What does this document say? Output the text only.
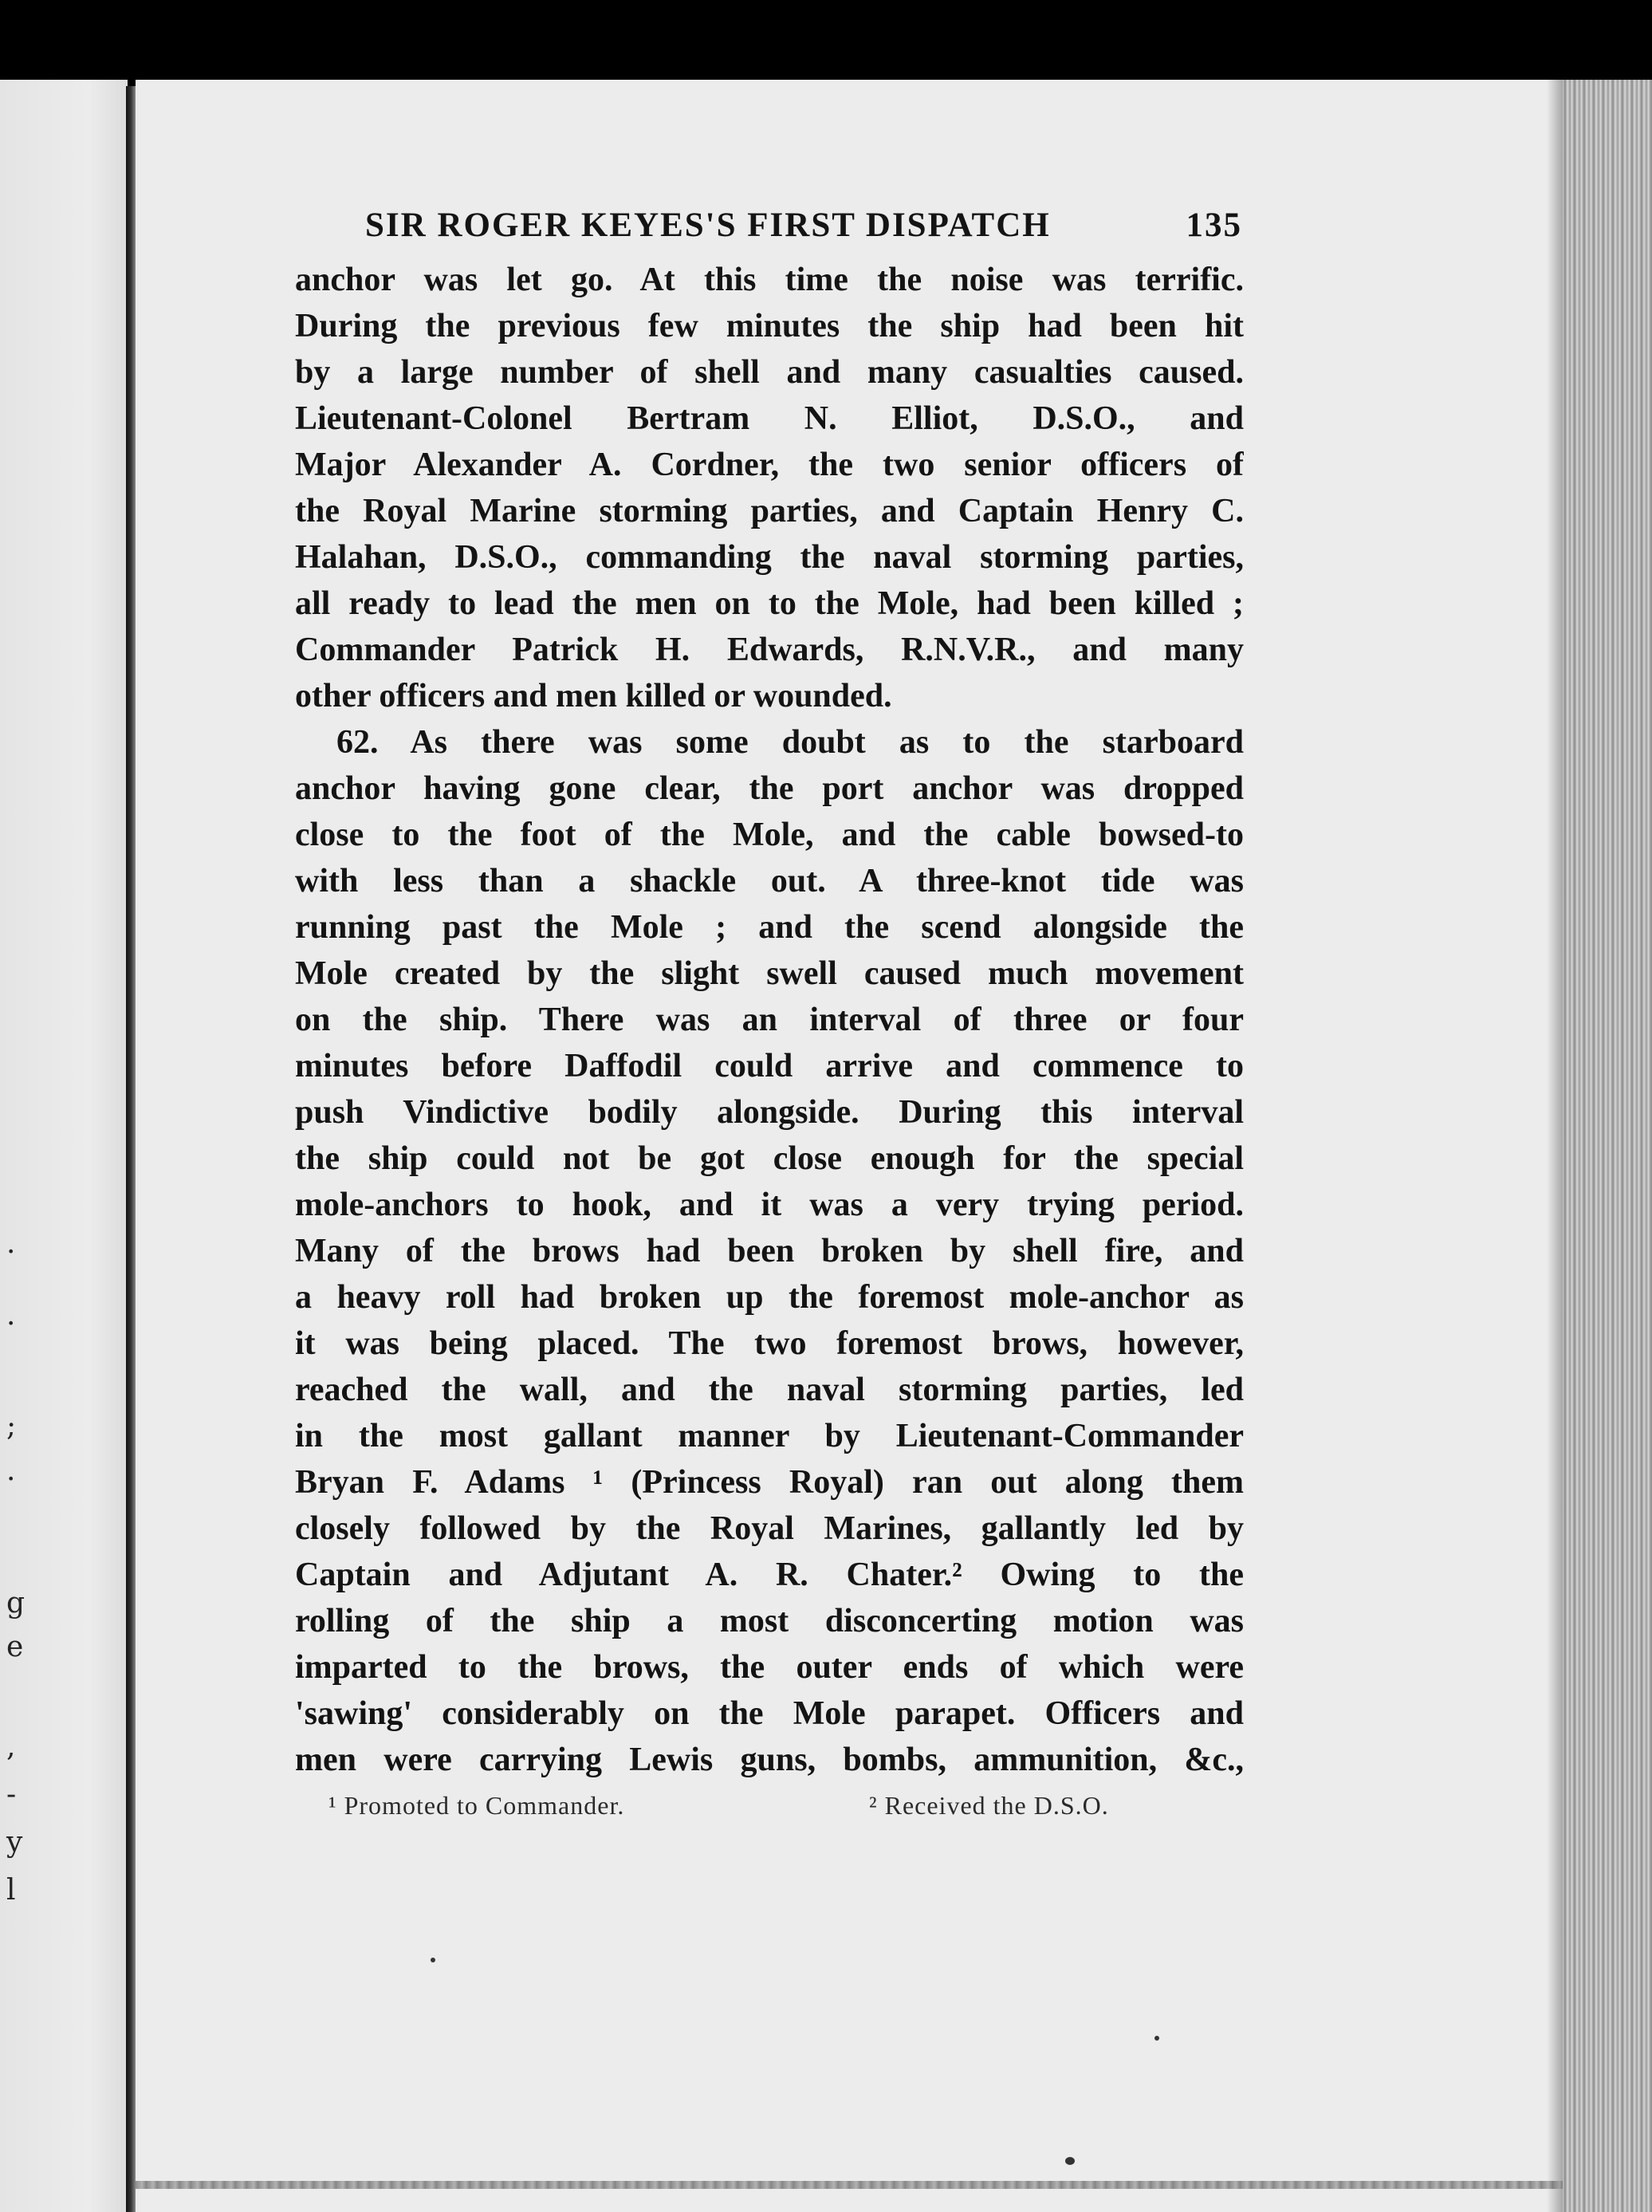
·
·
;
·
g
e
,
-
y
l
SIR ROGER KEYES'S FIRST DISPATCH	135
anchor was let go. At this time the noise was terrific.
During the previous few minutes the ship had been hit
by a large number of shell and many casualties caused.
Lieutenant-Colonel Bertram N. Elliot, D.S.O., and
Major Alexander A. Cordner, the two senior officers of
the Royal Marine storming parties, and Captain Henry C.
Halahan, D.S.O., commanding the naval storming parties,
all ready to lead the men on to the Mole, had been killed ;
Commander Patrick H. Edwards, R.N.V.R., and many
other officers and men killed or wounded.
62. As there was some doubt as to the starboard
anchor having gone clear, the port anchor was dropped
close to the foot of the Mole, and the cable bowsed-to
with less than a shackle out. A three-knot tide was
running past the Mole ; and the scend alongside the
Mole created by the slight swell caused much movement
on the ship. There was an interval of three or four
minutes before Daffodil could arrive and commence to
push Vindictive bodily alongside. During this interval
the ship could not be got close enough for the special
mole-anchors to hook, and it was a very trying period.
Many of the brows had been broken by shell fire, and
a heavy roll had broken up the foremost mole-anchor as
it was being placed. The two foremost brows, however,
reached the wall, and the naval storming parties, led
in the most gallant manner by Lieutenant-Commander
Bryan F. Adams ¹ (Princess Royal) ran out along them
closely followed by the Royal Marines, gallantly led by
Captain and Adjutant A. R. Chater.² Owing to the
rolling of the ship a most disconcerting motion was
imparted to the brows, the outer ends of which were
'sawing' considerably on the Mole parapet. Officers and
men were carrying Lewis guns, bombs, ammunition, &c.,
¹ Promoted to Commander.	² Received the D.S.O.
